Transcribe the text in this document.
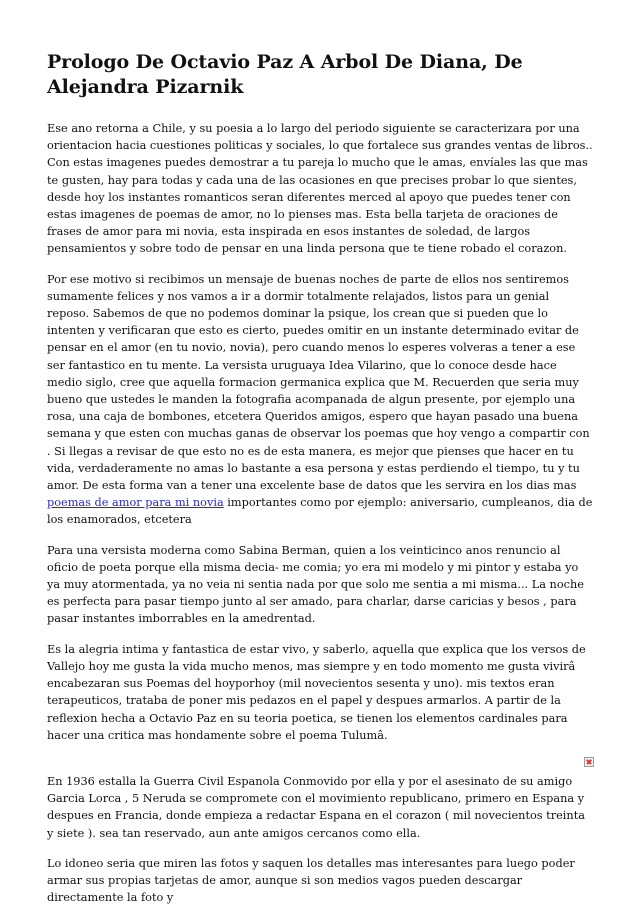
Prologo De Octavio Paz A Arbol De Diana, De Alejandra Pizarnik

Ese ano retorna a Chile, y su poesia a lo largo del periodo siguiente se caracterizara por una orientacion hacia cuestiones politicas y sociales, lo que fortalece sus grandes ventas de libros.. Con estas imagenes puedes demostrar a tu pareja lo mucho que le amas, envíales las que mas te gusten, hay para todas y cada una de las ocasiones en que precises probar lo que sientes, desde hoy los instantes romanticos seran diferentes merced al apoyo que puedes tener con estas imagenes de poemas de amor, no lo pienses mas. Esta bella tarjeta de oraciones de frases de amor para mi novia, esta inspirada en esos instantes de soledad, de largos pensamientos y sobre todo de pensar en una linda persona que te tiene robado el corazon.

Por ese motivo si recibimos un mensaje de buenas noches de parte de ellos nos sentiremos sumamente felices y nos vamos a ir a dormir totalmente relajados, listos para un genial reposo. Sabemos de que no podemos dominar la psique, los crean que si pueden que lo intenten y verificaran que esto es cierto, puedes omitir en un instante determinado evitar de pensar en el amor (en tu novio, novia), pero cuando menos lo esperes volveras a tener a ese ser fantastico en tu mente. La versista uruguaya Idea Vilarino, que lo conoce desde hace medio siglo, cree que aquella formacion germanica explica que M. Recuerden que seria muy bueno que ustedes le manden la fotografia acompanada de algun presente, por ejemplo una rosa, una caja de bombones, etcetera Queridos amigos, espero que hayan pasado una buena semana y que esten con muchas ganas de observar los poemas que hoy vengo a compartir con . Si llegas a revisar de que esto no es de esta manera, es mejor que pienses que hacer en tu vida, verdaderamente no amas lo bastante a esa persona y estas perdiendo el tiempo, tu y tu amor. De esta forma van a tener una excelente base de datos que les servira en los dias mas poemas de amor para mi novia importantes como por ejemplo: aniversario, cumpleanos, dia de los enamorados, etcetera

Para una versista moderna como Sabina Berman, quien a los veinticinco anos renuncio al oficio de poeta porque ella misma decia- me comia; yo era mi modelo y mi pintor y estaba yo ya muy atormentada, ya no veia ni sentia nada por que solo me sentia a mi misma... La noche es perfecta para pasar tiempo junto al ser amado, para charlar, darse caricias y besos , para pasar instantes imborrables en la amedrentad.

Es la alegria intima y fantastica de estar vivo, y saberlo, aquella que explica que los versos de Vallejo hoy me gusta la vida mucho menos, mas siempre y en todo momento me gusta vivirâ encabezaran sus Poemas del hoyporhoy (mil novecientos sesenta y uno). mis textos eran terapeuticos, trataba de poner mis pedazos en el papel y despues armarlos. A partir de la reflexion hecha a Octavio Paz en su teoria poetica, se tienen los elementos cardinales para hacer una critica mas hondamente sobre el poema Tulumâ.

En 1936 estalla la Guerra Civil Espanola Conmovido por ella y por el asesinato de su amigo Garcia Lorca , 5 Neruda se compromete con el movimiento republicano, primero en Espana y despues en Francia, donde empieza a redactar Espana en el corazon ( mil novecientos treinta y siete ). sea tan reservado, aun ante amigos cercanos como ella.

Lo idoneo seria que miren las fotos y saquen los detalles mas interesantes para luego poder armar sus propias tarjetas de amor, aunque si son medios vagos pueden descargar directamente la foto y
